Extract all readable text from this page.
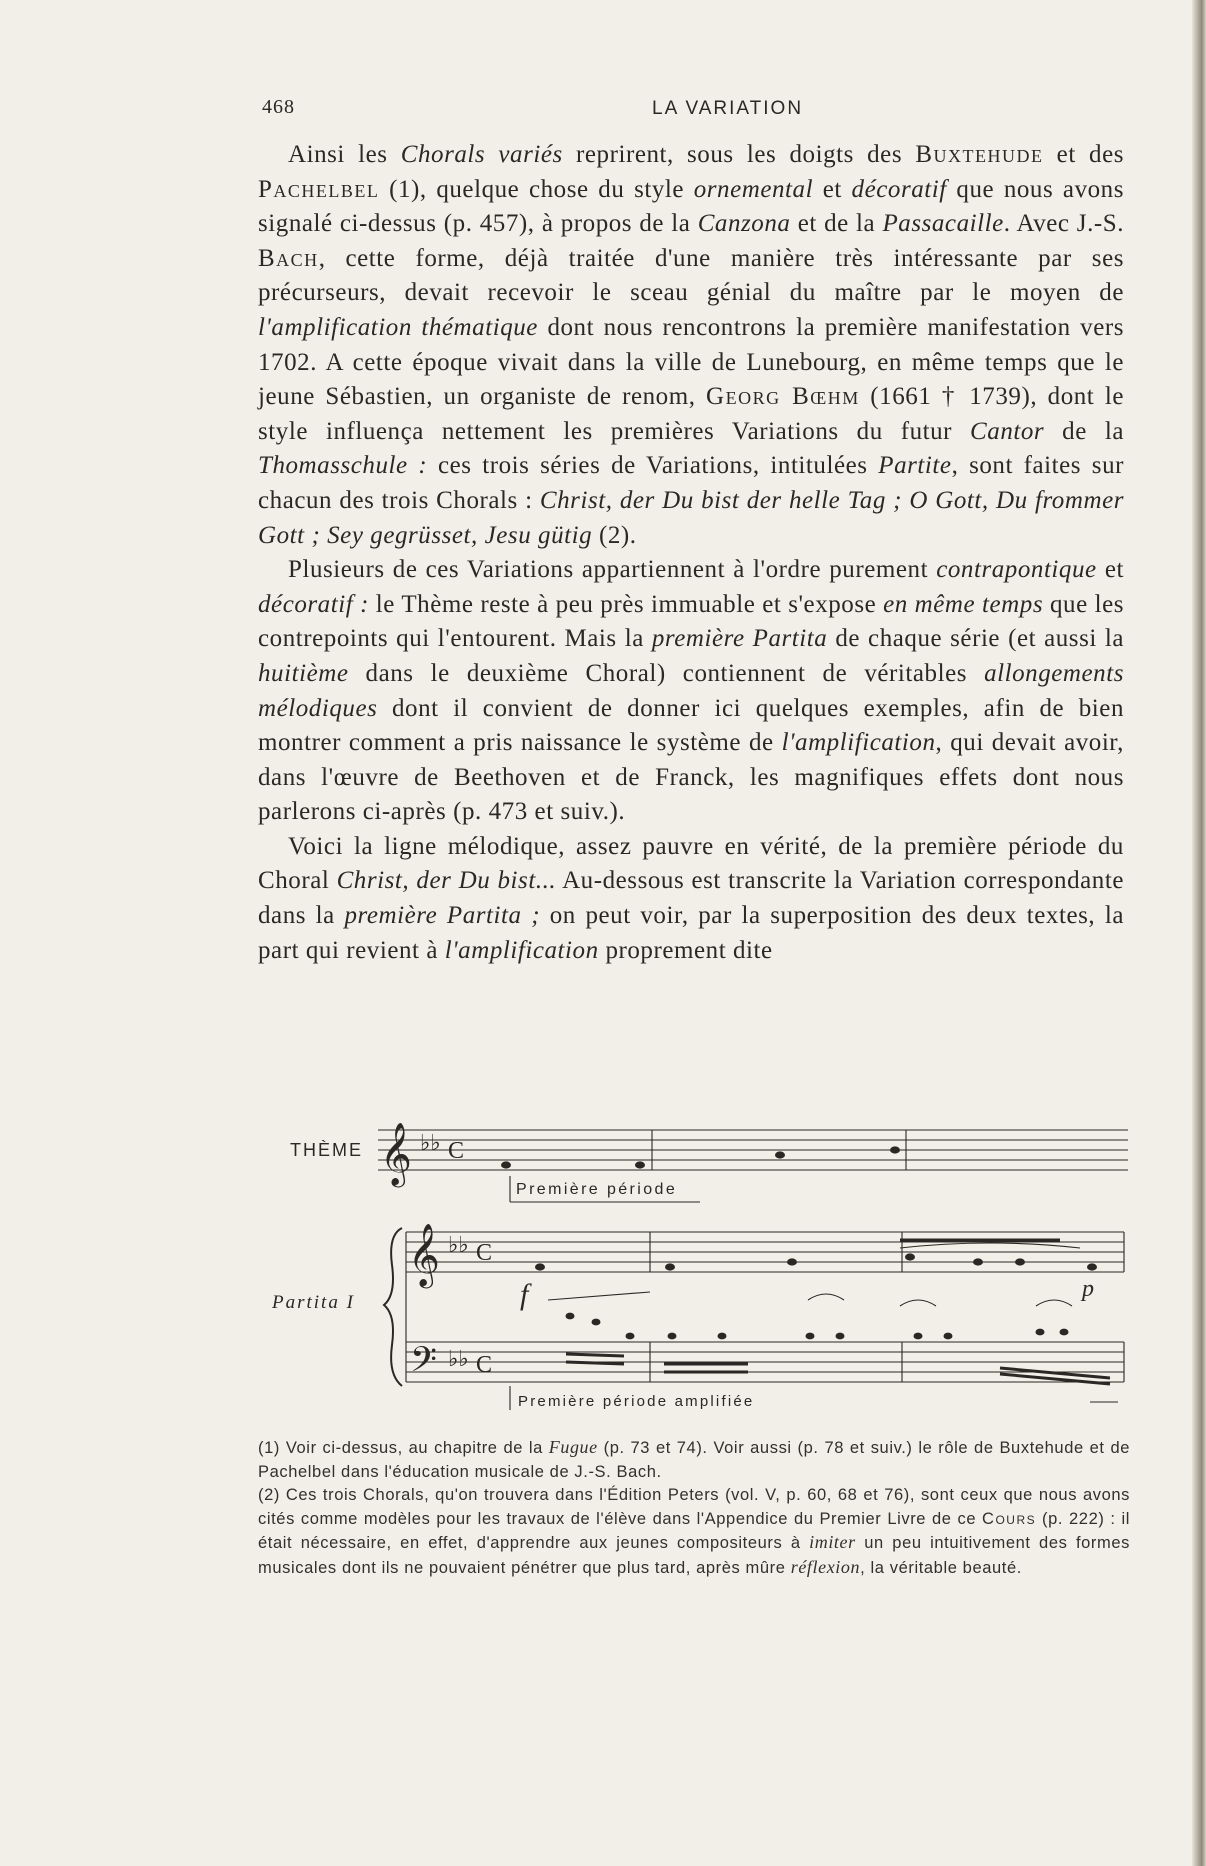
468	LA VARIATION

Ainsi les Chorals variés reprirent, sous les doigts des Buxtehude et des Pachelbel (1), quelque chose du style ornemental et décoratif que nous avons signalé ci-dessus (p. 457), à propos de la Canzona et de la Passacaille. Avec J.-S. Bach, cette forme, déjà traitée d'une manière très intéressante par ses précurseurs, devait recevoir le sceau génial du maître par le moyen de l'amplification thématique dont nous rencontrons la première manifestation vers 1702. A cette époque vivait dans la ville de Lunebourg, en même temps que le jeune Sébastien, un organiste de renom, Georg Bœhm (1661 † 1739), dont le style influença nettement les premières Variations du futur Cantor de la Thomasschule : ces trois séries de Variations, intitulées Partite, sont faites sur chacun des trois Chorals : Christ, der Du bist der helle Tag ; O Gott, Du frommer Gott ; Sey gegrüsset, Jesu gütig (2).

Plusieurs de ces Variations appartiennent à l'ordre purement contrapontique et décoratif : le Thème reste à peu près immuable et s'expose en même temps que les contrepoints qui l'entourent. Mais la première Partita de chaque série (et aussi la huitième dans le deuxième Choral) contiennent de véritables allongements mélodiques dont il convient de donner ici quelques exemples, afin de bien montrer comment a pris naissance le système de l'amplification, qui devait avoir, dans l'œuvre de Beethoven et de Franck, les magnifiques effets dont nous parlerons ci-après (p. 473 et suiv.).

Voici la ligne mélodique, assez pauvre en vérité, de la première période du Choral Christ, der Du bist... Au-dessous est transcrite la Variation correspondante dans la première Partita ; on peut voir, par la superposition des deux textes, la part qui revient à l'amplification proprement dite

𝄞
𝄞
𝄢
♭♭ C
♭♭ C
♭♭ C
THÈME
Première période
Partita I	f	p
Première période amplifiée

(1) Voir ci-dessus, au chapitre de la Fugue (p. 73 et 74). Voir aussi (p. 78 et suiv.) le rôle de Buxtehude et de Pachelbel dans l'éducation musicale de J.-S. Bach.

(2) Ces trois Chorals, qu'on trouvera dans l'Édition Peters (vol. V, p. 60, 68 et 76), sont ceux que nous avons cités comme modèles pour les travaux de l'élève dans l'Appendice du Premier Livre de ce Cours (p. 222) : il était nécessaire, en effet, d'apprendre aux jeunes compositeurs à imiter un peu intuitivement des formes musicales dont ils ne pouvaient pénétrer que plus tard, après mûre réflexion, la véritable beauté.
